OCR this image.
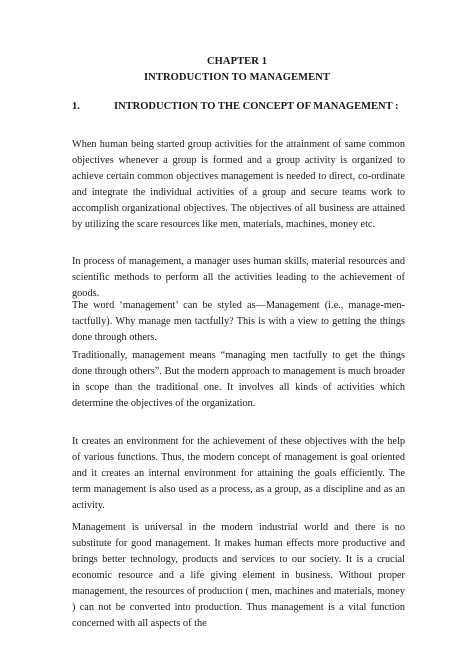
CHAPTER 1
INTRODUCTION TO MANAGEMENT
1.	INTRODUCTION TO THE CONCEPT OF MANAGEMENT :

When human being started group activities for the attainment of same common objectives whenever a group is formed and a group activity is organized to achieve certain common objectives management is needed to direct, co-ordinate and integrate the individual activities of a group and secure teams work to accomplish organizational objectives. The objectives of all business are attained by utilizing the scare resources like men, materials, machines, money etc.

In process of management, a manager uses human skills, material resources and scientific methods to perform all the activities leading to the achievement of goods.

The word ‘management’ can be styled as—Management (i.e., manage-men- tactfully). Why manage men tactfully? This is with a view to getting the things done through others.

Traditionally, management means “managing men tactfully to get the things done through others”. But the modern approach to management is much broader in scope than the traditional one. It involves all kinds of activities which determine the objectives of the organization.

It creates an environment for the achievement of these objectives with the help of various functions. Thus, the modern concept of management is goal oriented and it creates an internal environment for attaining the goals efficiently. The term management is also used as a process, as a group, as a discipline and as an activity.

Management is universal in the modern industrial world and there is no substitute for good management. It makes human effects more productive and brings better technology, products and services to our society. It is a crucial economic resource and a life giving element in business. Without proper management, the resources of production ( men, machines and materials, money ) can not be converted into production. Thus management is a vital function concerned with all aspects of the
